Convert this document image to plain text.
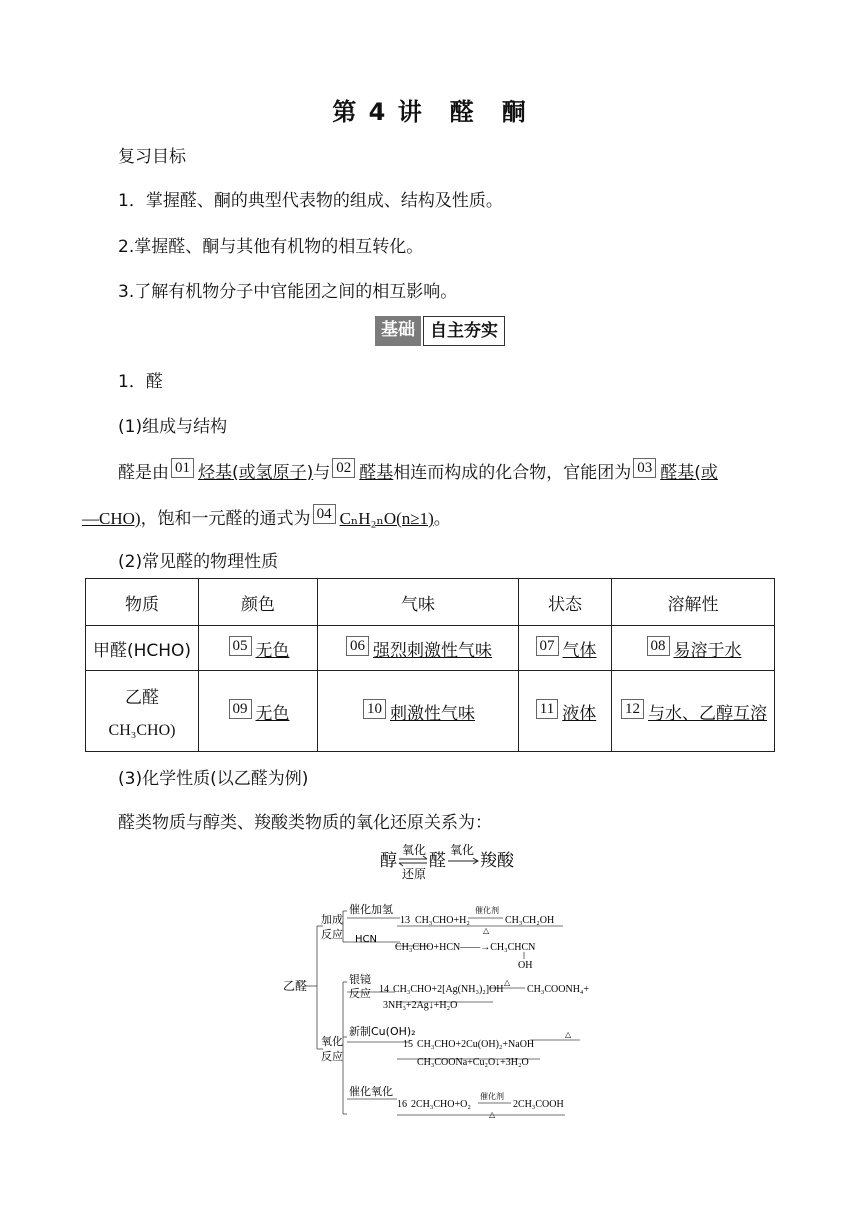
第 4 讲　醛　酮
复习目标
1．掌握醛、酮的典型代表物的组成、结构及性质。
2.掌握醛、酮与其他有机物的相互转化。
3.了解有机物分子中官能团之间的相互影响。
基础 自主夯实
1．醛
(1)组成与结构
醛是由 01 烃基(或氢原子)与 02 醛基相连而构成的化合物，官能团为 03 醛基(或
—CHO)，饱和一元醛的通式为 04 CₙH₂ₙO(n≥1)。
(2)常见醛的物理性质
物质	颜色	气味	状态	溶解性
甲醛(HCHO)	05 无色	06 强烈刺激性气味	07 气体	08 易溶于水

乙醛
CH₃CHO)	09 无色	10 刺激性气味	11 液体	12 与水、乙醇互溶
(3)化学性质(以乙醛为例)
醛类物质与醇类、羧酸类物质的氧化还原关系为：
醇
氧化
还原
醛
氧化
羧酸
乙醛
加成
反应
氧化
反应
催化加氢
13 CH₃CHO+H₂
催化剂
△
CH₃CH₂OH
HCN
CH₃CHO+HCN——→CH₃CHCN
OH
银镜
反应 14 CH₃CHO+2[Ag(NH₃)₂]OH
△
CH₃COONH₄+
3NH₃+2Ag↓+H₂O
新制Cu(OH)₂
15 CH₃CHO+2Cu(OH)₂+NaOH
△
CH₃COONa+Cu₂O↓+3H₂O
催化氧化
16 2CH₃CHO+O₂
催化剂
△
2CH₃COOH
